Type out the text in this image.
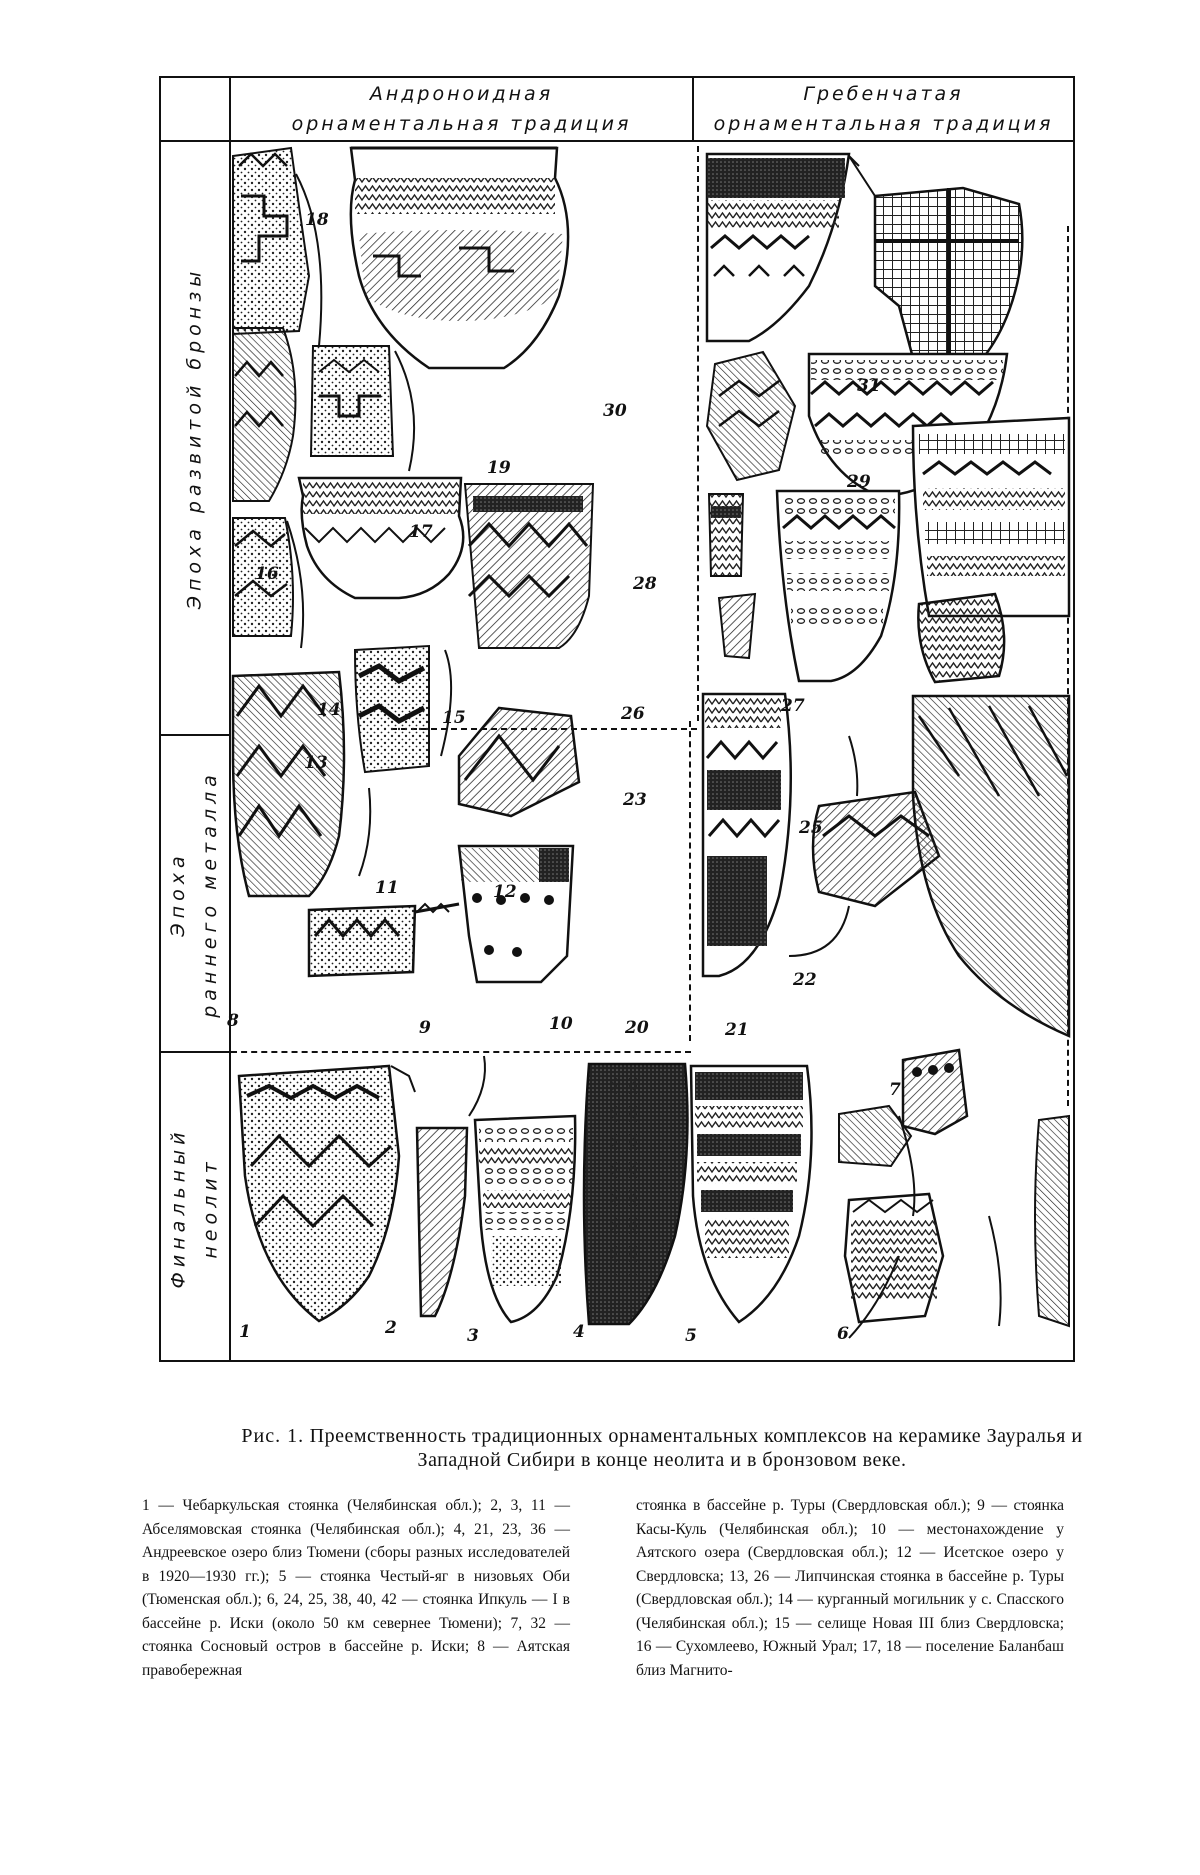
Андроноидная
орнаментальная традиция
Гребенчатая
орнаментальная традиция
Эпоха развитой бронзы

Эпоха раннего металла
Финальный неолит
1	2	3	4	5	6
7
8	9	10
11	12
13
14	15
16
17
18
19
20	21
22
23
25
26	27
28
29
30
31
Рис. 1. Преемственность традиционных орнаментальных комплексов на керамике Зауралья и Западной Сибири в конце неолита и в бронзовом веке.
1 — Чебаркульская стоянка (Челябинская обл.); 2, 3, 11 — Абселямовская стоянка (Челябинская обл.); 4, 21, 23, 36 — Андреевское озеро близ Тюмени (сборы разных исследователей в 1920—1930 гг.); 5 — стоянка Честый-яг в низовьях Оби (Тюменская обл.); 6, 24, 25, 38, 40, 42 — стоянка Ипкуль — I в бассейне р. Иски (около 50 км севернее Тюмени); 7, 32 — стоянка Сосновый остров в бассейне р. Иски; 8 — Аятская правобережная
стоянка в бассейне р. Туры (Свердловская обл.); 9 — стоянка Касы-Куль (Челябинская обл.); 10 — местонахождение у Аятского озера (Свердловская обл.); 12 — Исетское озеро у Свердловска; 13, 26 — Липчинская стоянка в бассейне р. Туры (Свердловская обл.); 14 — курганный могильник у с. Спасского (Челябинская обл.); 15 — селище Новая III близ Свердловска; 16 — Сухомлеево, Южный Урал; 17, 18 — поселение Баланбаш близ Магнито-
